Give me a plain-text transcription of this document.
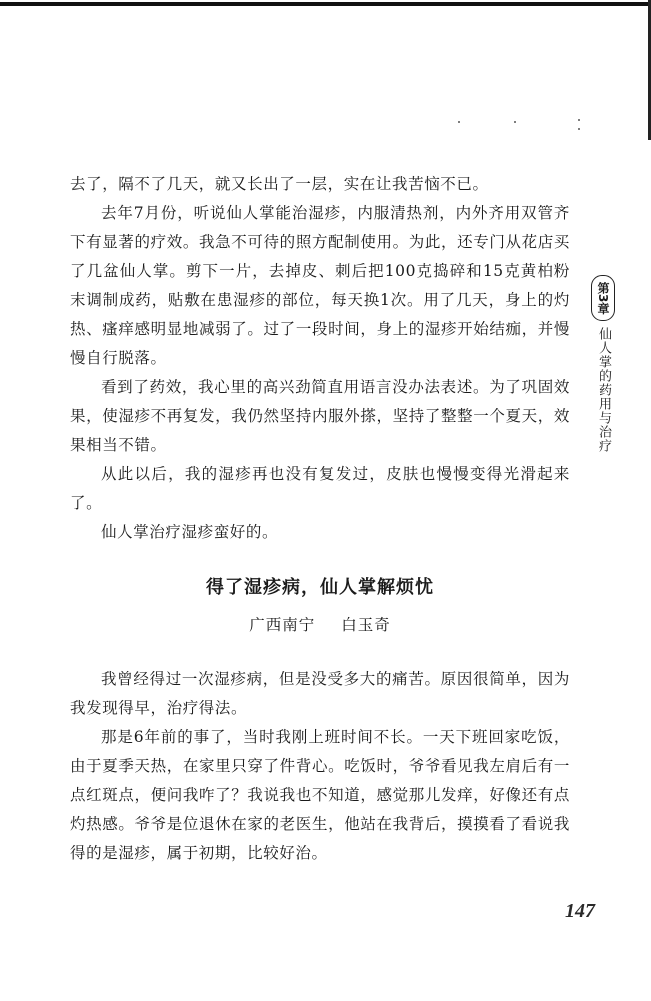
去了，隔不了几天，就又长出了一层，实在让我苦恼不已。

去年7月份，听说仙人掌能治湿疹，内服清热剂，内外齐用双管齐下有显著的疗效。我急不可待的照方配制使用。为此，还专门从花店买了几盆仙人掌。剪下一片，去掉皮、刺后把100克捣碎和15克黄柏粉末调制成药，贴敷在患湿疹的部位，每天换1次。用了几天，身上的灼热、瘙痒感明显地减弱了。过了一段时间，身上的湿疹开始结痂，并慢慢自行脱落。

看到了药效，我心里的高兴劲简直用语言没办法表述。为了巩固效果，使湿疹不再复发，我仍然坚持内服外搽，坚持了整整一个夏天，效果相当不错。

从此以后，我的湿疹再也没有复发过，皮肤也慢慢变得光滑起来了。

仙人掌治疗湿疹蛮好的。

得了湿疹病，仙人掌解烦忧
广西南宁 白玉奇

我曾经得过一次湿疹病，但是没受多大的痛苦。原因很简单，因为我发现得早，治疗得法。

那是6年前的事了，当时我刚上班时间不长。一天下班回家吃饭，由于夏季天热，在家里只穿了件背心。吃饭时，爷爷看见我左肩后有一点红斑点，便问我咋了？我说我也不知道，感觉那儿发痒，好像还有点灼热感。爷爷是位退休在家的老医生，他站在我背后，摸摸看了看说我得的是湿疹，属于初期，比较好治。

第3章
仙人掌的药用与治疗
147
